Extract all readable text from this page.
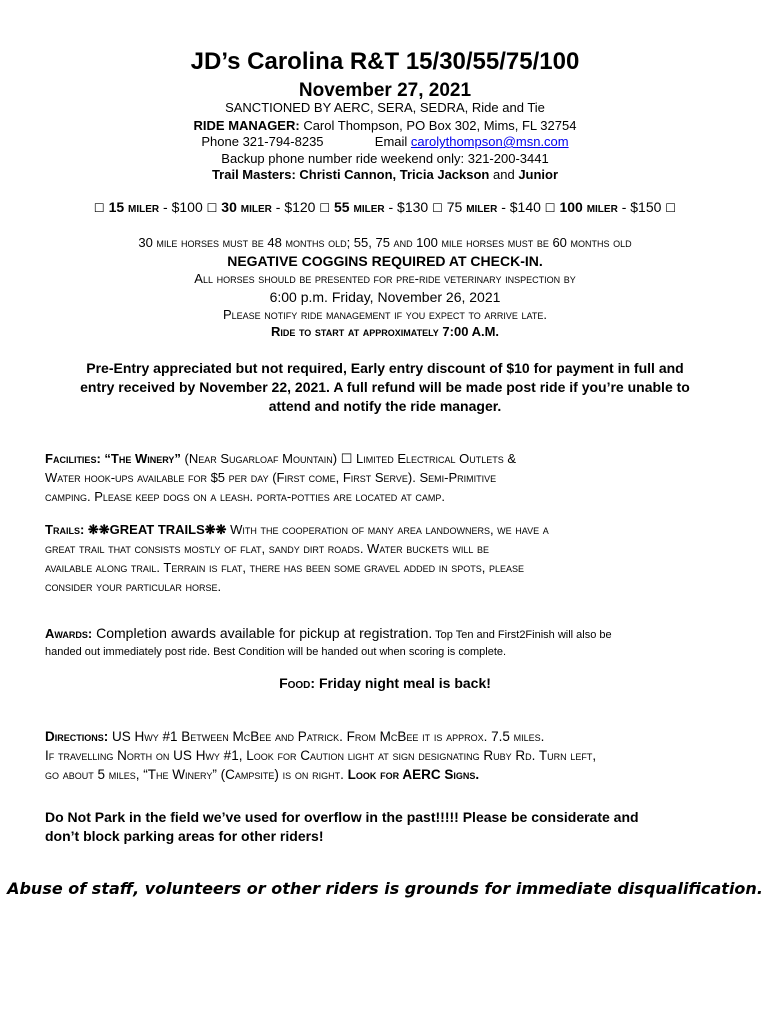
JD’s Carolina R&T 15/30/55/75/100
November 27, 2021
SANCTIONED BY AERC, SERA, SEDRA, Ride and Tie
RIDE MANAGER: Carol Thompson, PO Box 302, Mims, FL 32754
Phone 321-794-8235	Email carolythompson@msn.com
Backup phone number ride weekend only: 321-200-3441
Trail Masters: Christi Cannon, Tricia Jackson and Junior
☐ 15 miler - $100 ☐ 30 miler - $120 ☐ 55 miler - $130 ☐ 75 miler - $140 ☐ 100 miler - $150 ☐
30 mile horses must be 48 months old; 55, 75 and 100 mile horses must be 60 months old
NEGATIVE COGGINS REQUIRED AT CHECK-IN.
All horses should be presented for pre-ride veterinary inspection by
6:00 p.m. Friday, November 26, 2021
Please notify ride management if you expect to arrive late.
Ride to start at approximately 7:00 A.M.
Pre-Entry appreciated but not required, Early entry discount of $10 for payment in full and
entry received by November 22, 2021. A full refund will be made post ride if you’re unable to
attend and notify the ride manager.
Facilities: “The Winery” (Near Sugarloaf Mountain) ☐ Limited Electrical Outlets &
Water hook-ups available for $5 per day (First come, First Serve). Semi-Primitive
camping. Please keep dogs on a leash. porta-potties are located at camp.
Trails: ❋❋GREAT TRAILS❋❋ With the cooperation of many area landowners, we have a
great trail that consists mostly of flat, sandy dirt roads. Water buckets will be
available along trail. Terrain is flat, there has been some gravel added in spots, please
consider your particular horse.
Awards: Completion awards available for pickup at registration. Top Ten and First2Finish will also be
handed out immediately post ride. Best Condition will be handed out when scoring is complete.
Food: Friday night meal is back!
Directions: US Hwy #1 Between McBee and Patrick. From McBee it is approx. 7.5 miles.
If travelling North on US Hwy #1, Look for Caution light at sign designating Ruby Rd. Turn left,
go about 5 miles, “The Winery” (Campsite) is on right. Look for AERC Signs.
Do Not Park in the field we’ve used for overflow in the past!!!!! Please be considerate and
don’t block parking areas for other riders!
Abuse of staff, volunteers or other riders is grounds for immediate disqualification.
